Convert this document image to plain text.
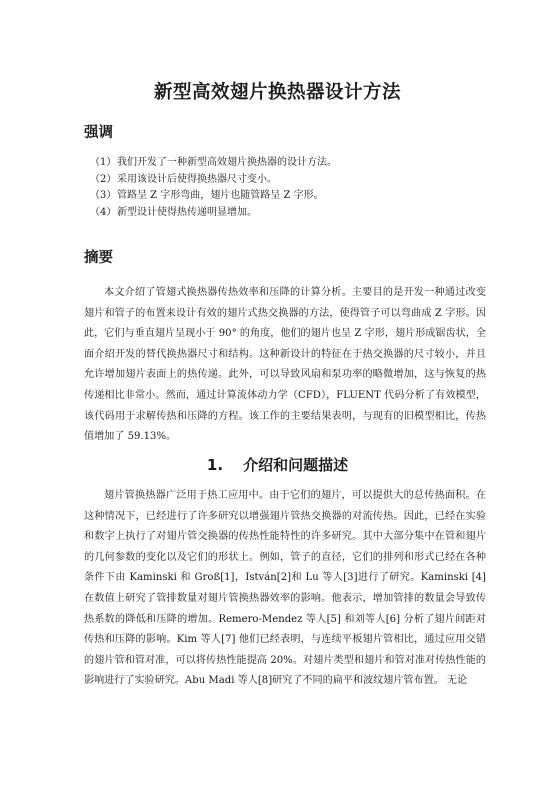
新型高效翅片换热器设计方法
强调
（1）我们开发了一种新型高效翅片换热器的设计方法。
（2）采用该设计后使得换热器尺寸变小。
（3）管路呈 Z 字形弯曲，翅片也随管路呈 Z 字形。
（4）新型设计使得热传递明显增加。
摘要

本文介绍了管翅式换热器传热效率和压降的计算分析。主要目的是开发一种通过改变翅片和管子的布置来设计有效的翅片式热交换器的方法，使得管子可以弯曲成 Z 字形。因此，它们与垂直翅片呈现小于 90° 的角度，他们的翅片也呈 Z 字形，翅片形成锯齿状，全面介绍开发的替代换热器尺寸和结构。这种新设计的特征在于热交换器的尺寸较小，并且允许增加翅片表面上的热传递。此外，可以导致风扇和泵功率的略微增加，这与恢复的热传递相比非常小。然而，通过计算流体动力学（CFD），FLUENT 代码分析了有效模型，该代码用于求解传热和压降的方程。该工作的主要结果表明，与现有的旧模型相比，传热值增加了 59.13%。

1. 介绍和问题描述

翅片管换热器广泛用于热工应用中。由于它们的翅片，可以提供大的总传热面积。在这种情况下，已经进行了许多研究以增强翅片管热交换器的对流传热。因此，已经在实验和数字上执行了对翅片管交换器的传热性能特性的许多研究。其中大部分集中在管和翅片的几何参数的变化以及它们的形状上。例如，管子的直径，它们的排列和形式已经在各种条件下由 Kaminski 和 Groß[1]，István[2]和 Lu 等人[3]进行了研究。Kaminski [4]在数值上研究了管排数量对翅片管换热器效率的影响。他表示，增加管排的数量会导致传热系数的降低和压降的增加。Remero-Mendez 等人[5] 和刘等人[6] 分析了翅片间距对传热和压降的影响。Kim 等人[7] 他们已经表明，与连续平板翅片管相比，通过应用交错的翅片管和管对准，可以将传热性能提高 20%。对翅片类型和翅片和管对准对传热性能的影响进行了实验研究。Abu Madi 等人[8]研究了不同的扁平和波纹翅片管布置。 无论
